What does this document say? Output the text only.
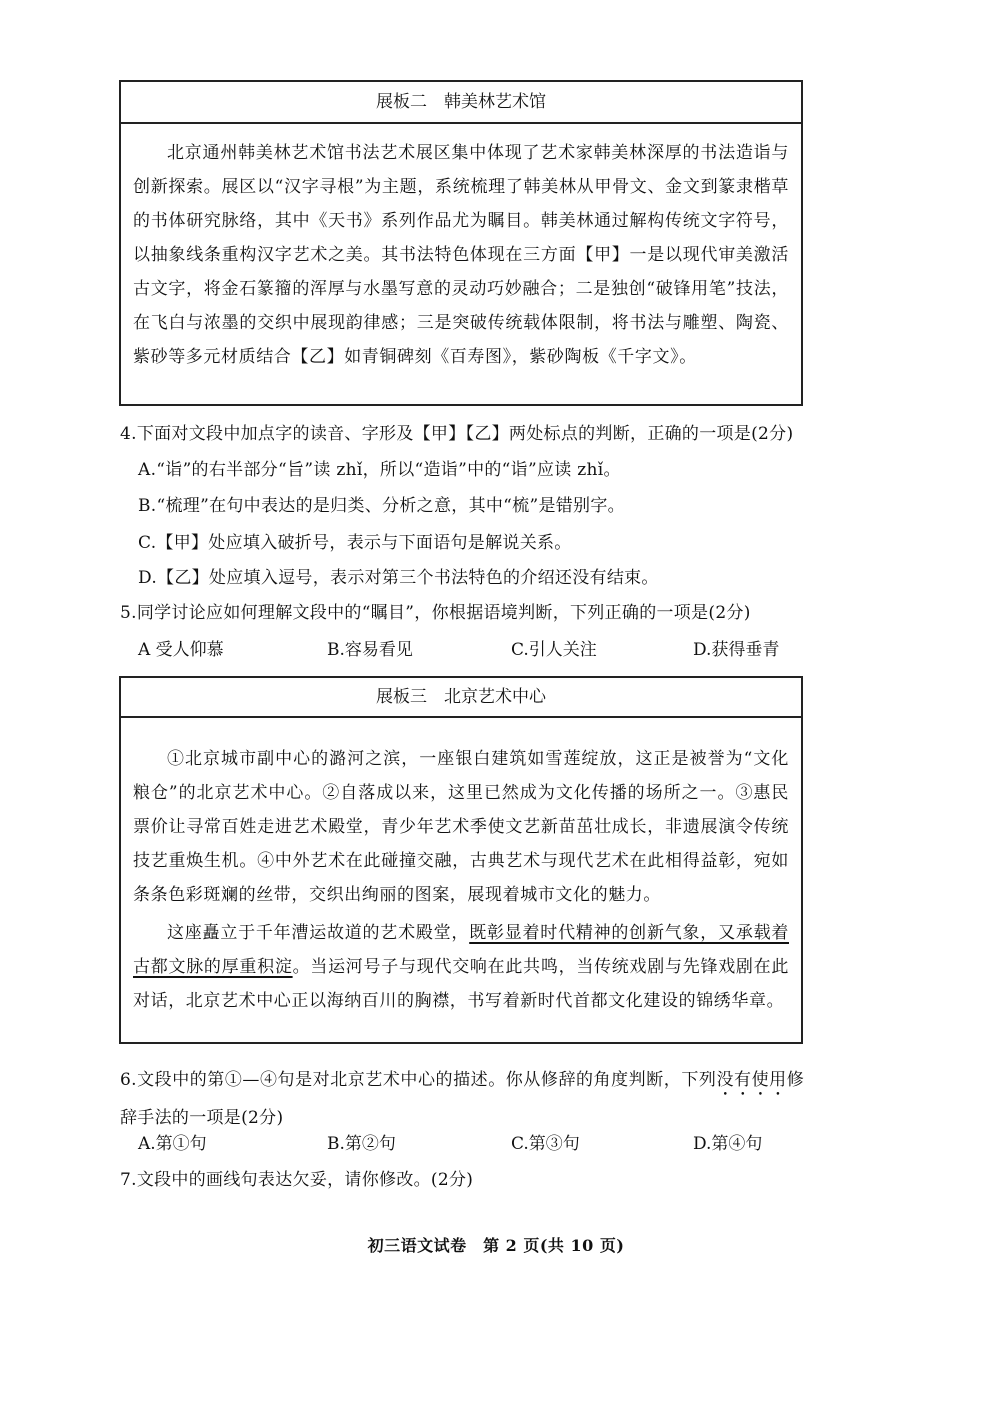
展板二　韩美林艺术馆

北京通州韩美林艺术馆书法艺术展区集中体现了艺术家韩美林深厚的书法造诣与创新探索。展区以“汉字寻根”为主题，系统梳理了韩美林从甲骨文、金文到篆隶楷草的书体研究脉络，其中《天书》系列作品尤为瞩目。韩美林通过解构传统文字符号，以抽象线条重构汉字艺术之美。其书法特色体现在三方面【甲】一是以现代审美激活古文字，将金石篆籀的浑厚与水墨写意的灵动巧妙融合；二是独创“破锋用笔”技法，在飞白与浓墨的交织中展现韵律感；三是突破传统载体限制，将书法与雕塑、陶瓷、紫砂等多元材质结合【乙】如青铜碑刻《百寿图》，紫砂陶板《千字文》。

4.下面对文段中加点字的读音、字形及【甲】【乙】两处标点的判断，正确的一项是(2分)
A.“诣”的右半部分“旨”读 zhǐ，所以“造诣”中的“诣”应读 zhǐ。
B.“梳理”在句中表达的是归类、分析之意，其中“梳”是错别字。
C.【甲】处应填入破折号，表示与下面语句是解说关系。
D.【乙】处应填入逗号，表示对第三个书法特色的介绍还没有结束。
5.同学讨论应如何理解文段中的“瞩目”，你根据语境判断，下列正确的一项是(2分)
A 受人仰慕	B.容易看见	C.引人关注	D.获得垂青
展板三　北京艺术中心

①北京城市副中心的潞河之滨，一座银白建筑如雪莲绽放，这正是被誉为“文化粮仓”的北京艺术中心。②自落成以来，这里已然成为文化传播的场所之一。③惠民票价让寻常百姓走进艺术殿堂，青少年艺术季使文艺新苗茁壮成长，非遗展演令传统技艺重焕生机。④中外艺术在此碰撞交融，古典艺术与现代艺术在此相得益彰，宛如条条色彩斑斓的丝带，交织出绚丽的图案，展现着城市文化的魅力。

这座矗立于千年漕运故道的艺术殿堂，既彰显着时代精神的创新气象，又承载着古都文脉的厚重积淀。当运河号子与现代交响在此共鸣，当传统戏剧与先锋戏剧在此对话，北京艺术中心正以海纳百川的胸襟，书写着新时代首都文化建设的锦绣华章。

6.文段中的第①—④句是对北京艺术中心的描述。你从修辞的角度判断，下列没有使用修辞手法的一项是(2分)
A.第①句	B.第②句	C.第③句	D.第④句
7.文段中的画线句表达欠妥，请你修改。(2分)
初三语文试卷　第 2 页(共 10 页)
